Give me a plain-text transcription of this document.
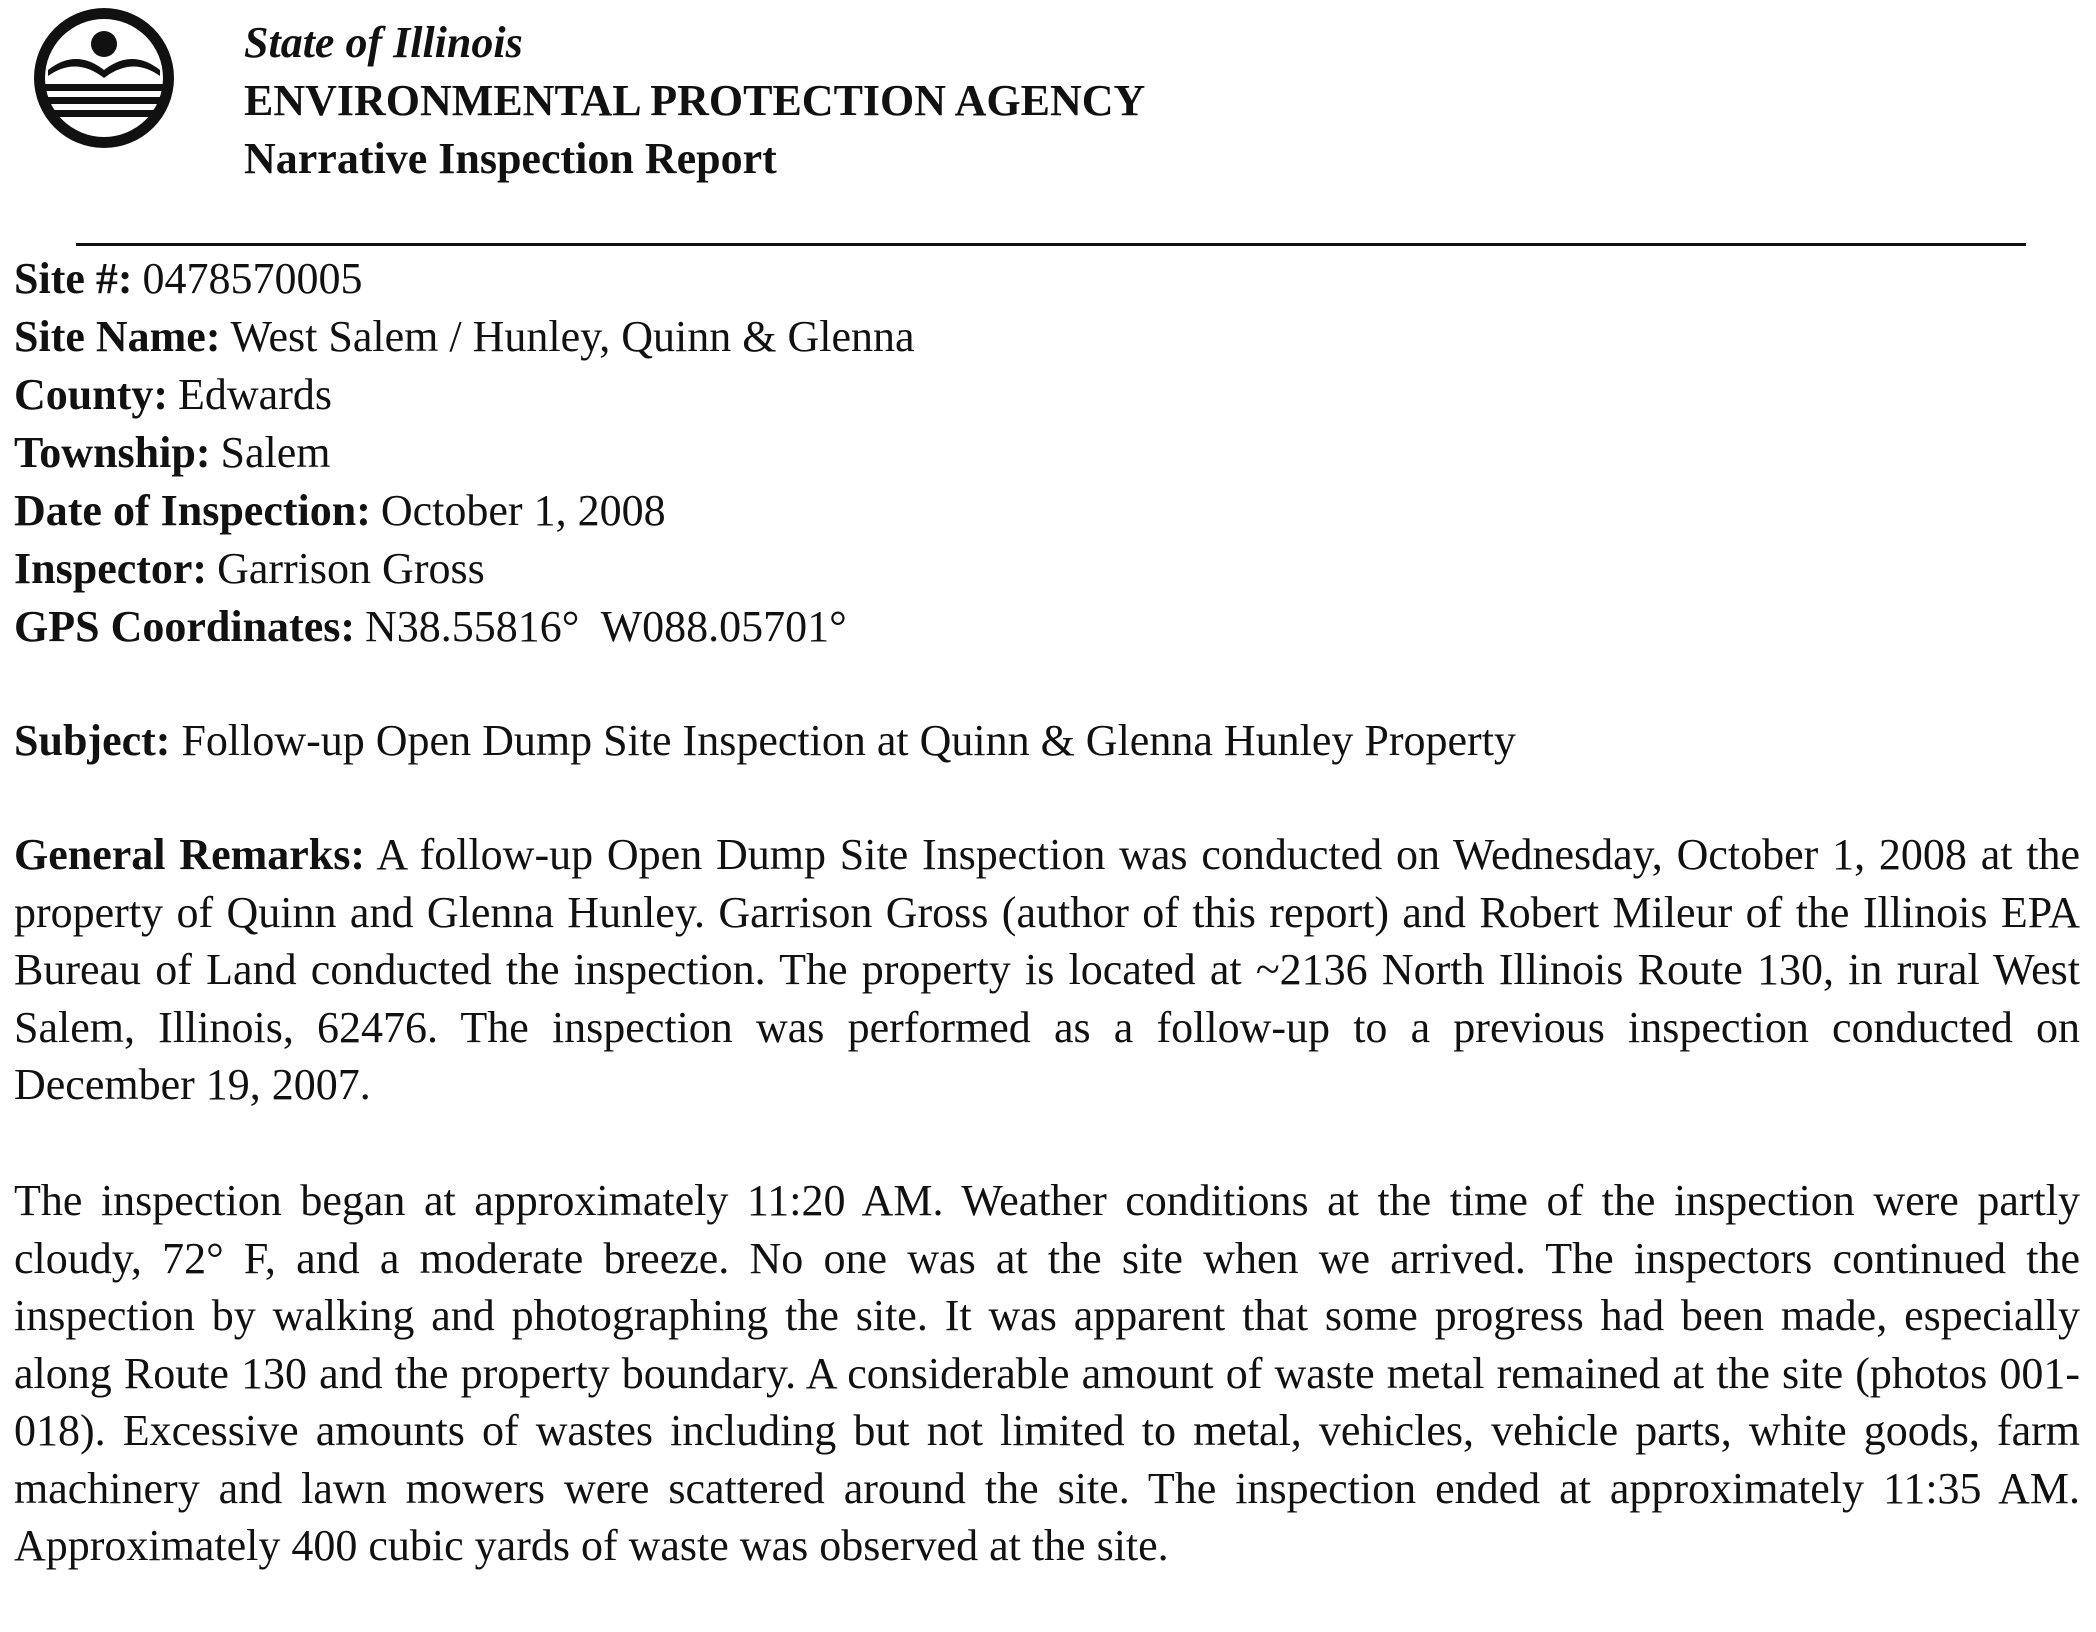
State of Illinois
ENVIRONMENTAL PROTECTION AGENCY
Narrative Inspection Report
Site #: 0478570005
Site Name: West Salem / Hunley, Quinn & Glenna
County: Edwards
Township: Salem
Date of Inspection: October 1, 2008
Inspector: Garrison Gross
GPS Coordinates: N38.55816°  W088.05701°
Subject: Follow-up Open Dump Site Inspection at Quinn & Glenna Hunley Property
General Remarks: A follow-up Open Dump Site Inspection was conducted on Wednesday, October 1, 2008 at the property of Quinn and Glenna Hunley. Garrison Gross (author of this report) and Robert Mileur of the Illinois EPA Bureau of Land conducted the inspection. The property is located at ~2136 North Illinois Route 130, in rural West Salem, Illinois, 62476. The inspection was performed as a follow-up to a previous inspection conducted on December 19, 2007.
The inspection began at approximately 11:20 AM. Weather conditions at the time of the inspection were partly cloudy, 72° F, and a moderate breeze. No one was at the site when we arrived. The inspectors continued the inspection by walking and photographing the site. It was apparent that some progress had been made, especially along Route 130 and the property boundary. A considerable amount of waste metal remained at the site (photos 001-018). Excessive amounts of wastes including but not limited to metal, vehicles, vehicle parts, white goods, farm machinery and lawn mowers were scattered around the site. The inspection ended at approximately 11:35 AM. Approximately 400 cubic yards of waste was observed at the site.
